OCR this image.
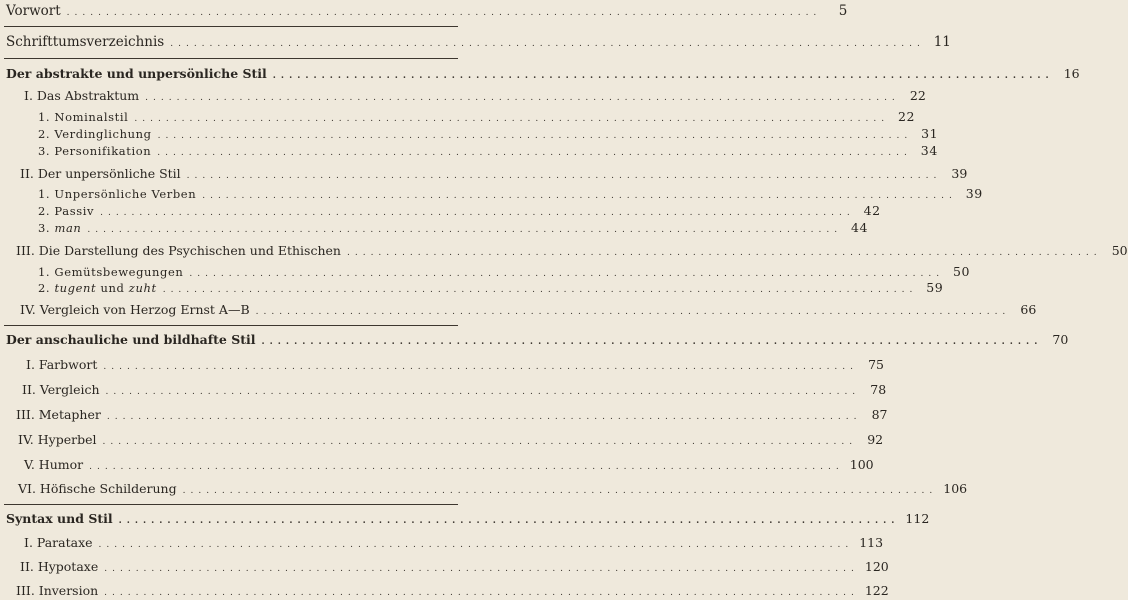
Vorwort ................................................................................................	5
Schrifttumsverzeichnis ................................................................................................ 11
Der abstrakte und unpersönliche Stil ................................................................................................ 16
I. Das Abstraktum ................................................................................................ 22
1. Nominalstil ................................................................................................ 22
2. Verdinglichung ................................................................................................ 31
3. Personifikation ................................................................................................ 34
II. Der unpersönliche Stil ................................................................................................ 39
1. Unpersönliche Verben ................................................................................................ 39
2. Passiv ................................................................................................ 42
3. man ................................................................................................ 44
III. Die Darstellung des Psychischen und Ethischen ................................................................................................ 50
1. Gemütsbewegungen ................................................................................................ 50
2. tugent und zuht ................................................................................................ 59
IV. Vergleich von Herzog Ernst A—B ................................................................................................ 66
Der anschauliche und bildhafte Stil ................................................................................................ 70
I. Farbwort ................................................................................................ 75
II. Vergleich ................................................................................................ 78
III. Metapher ................................................................................................ 87
IV. Hyperbel ................................................................................................ 92
V. Humor ................................................................................................ 100
VI. Höfische Schilderung ................................................................................................ 106
Syntax und Stil ................................................................................................ 112
I. Parataxe ................................................................................................ 113
II. Hypotaxe ................................................................................................ 120
III. Inversion ................................................................................................ 122
